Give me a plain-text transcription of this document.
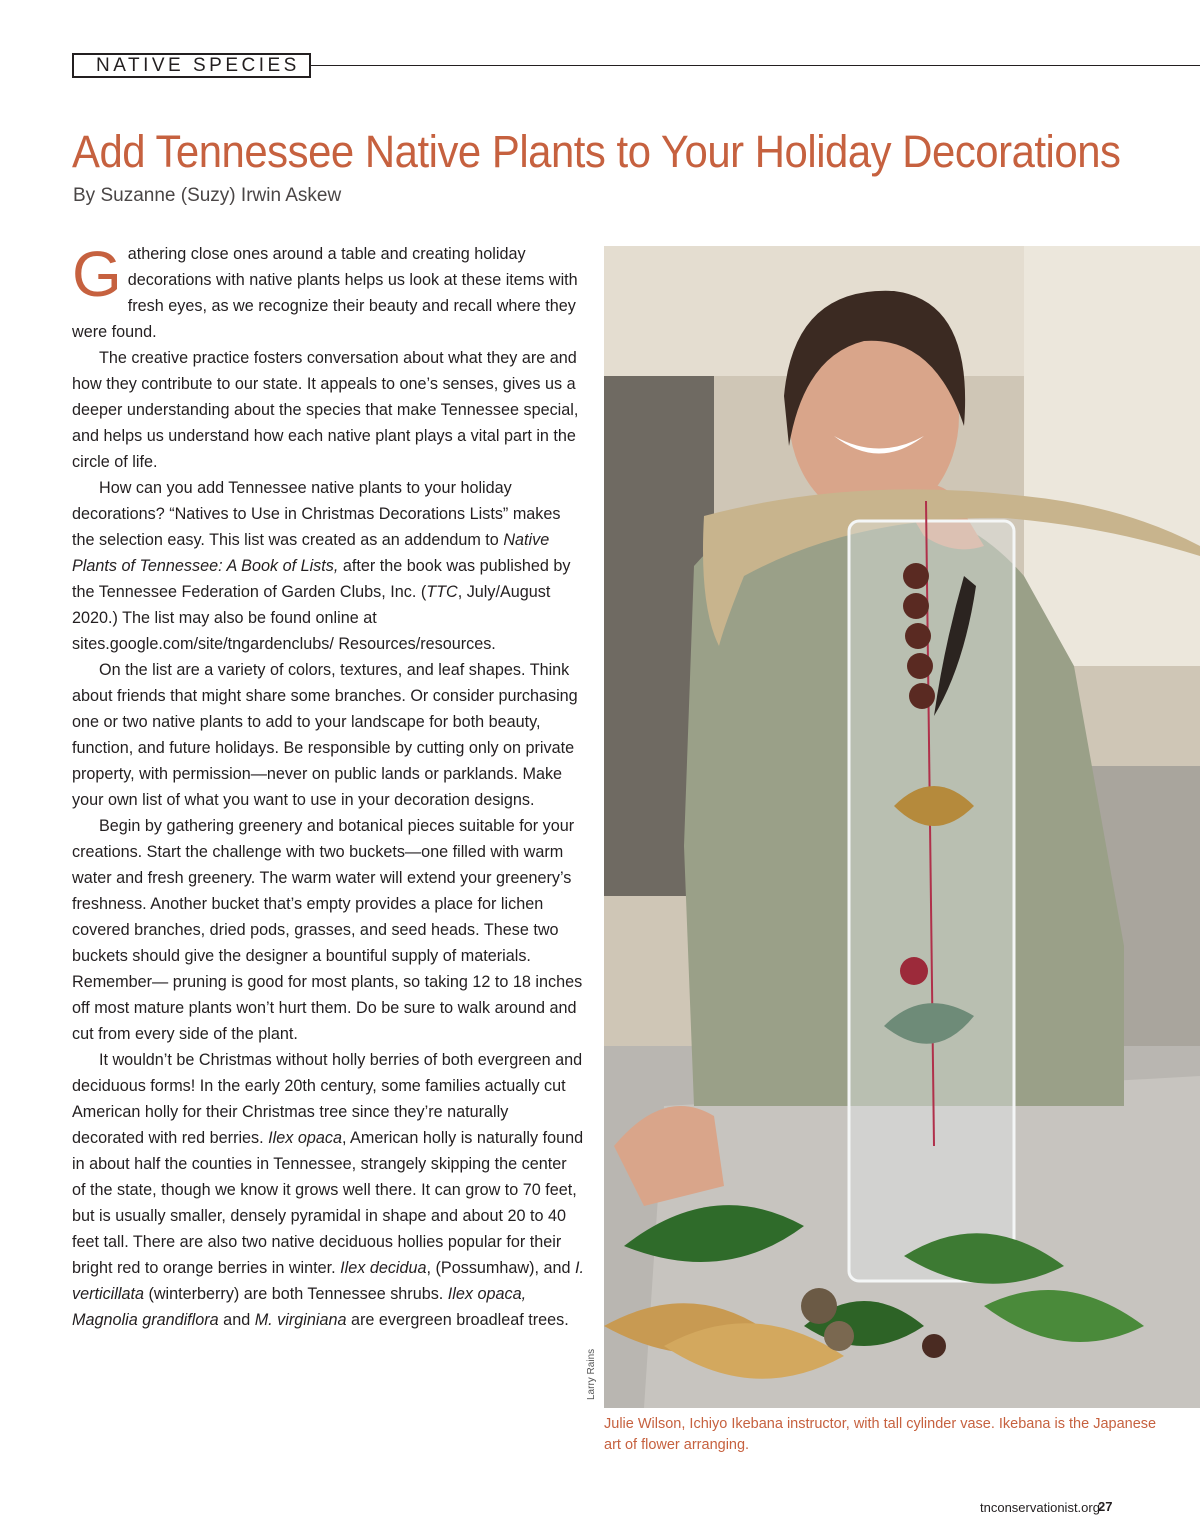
NATIVE SPECIES
Add Tennessee Native Plants to Your Holiday Decorations
By Suzanne (Suzy) Irwin Askew

Gathering close ones around a table and creating holiday decorations with native plants helps us look at these items with fresh eyes, as we recognize their beauty and recall where they were found.

The creative practice fosters conversation about what they are and how they contribute to our state. It appeals to one’s senses, gives us a deeper understanding about the species that make Tennessee special, and helps us understand how each native plant plays a vital part in the circle of life.

How can you add Tennessee native plants to your holiday decorations? “Natives to Use in Christmas Decorations Lists” makes the selection easy. This list was created as an addendum to Native Plants of Tennessee: A Book of Lists, after the book was published by the Tennessee Federation of Garden Clubs, Inc. (TTC, July/August 2020.) The list may also be found online at sites.google.com/site/tngardenclubs/ Resources/resources.

On the list are a variety of colors, textures, and leaf shapes. Think about friends that might share some branches. Or consider purchasing one or two native plants to add to your landscape for both beauty, function, and future holidays. Be responsible by cutting only on private property, with permission—never on public lands or parklands. Make your own list of what you want to use in your decoration designs.

Begin by gathering greenery and botanical pieces suitable for your creations. Start the challenge with two buckets—one filled with warm water and fresh greenery. The warm water will extend your greenery’s freshness. Another bucket that’s empty provides a place for lichen covered branches, dried pods, grasses, and seed heads. These two buckets should give the designer a bountiful supply of materials. Remember— pruning is good for most plants, so taking 12 to 18 inches off most mature plants won’t hurt them. Do be sure to walk around and cut from every side of the plant.

It wouldn’t be Christmas without holly berries of both evergreen and deciduous forms! In the early 20th century, some families actually cut American holly for their Christmas tree since they’re naturally decorated with red berries. Ilex opaca, American holly is naturally found in about half the counties in Tennessee, strangely skipping the center of the state, though we know it grows well there. It can grow to 70 feet, but is usually smaller, densely pyramidal in shape and about 20 to 40 feet tall. There are also two native deciduous hollies popular for their bright red to orange berries in winter. Ilex decidua, (Possumhaw), and I. verticillata (winterberry) are both Tennessee shrubs. Ilex opaca, Magnolia grandiflora and M. virginiana are evergreen broadleaf trees.

Larry Rains
Julie Wilson, Ichiyo Ikebana instructor, with tall cylinder vase. Ikebana is the Japanese art of flower arranging.
tnconservationist.org
27
